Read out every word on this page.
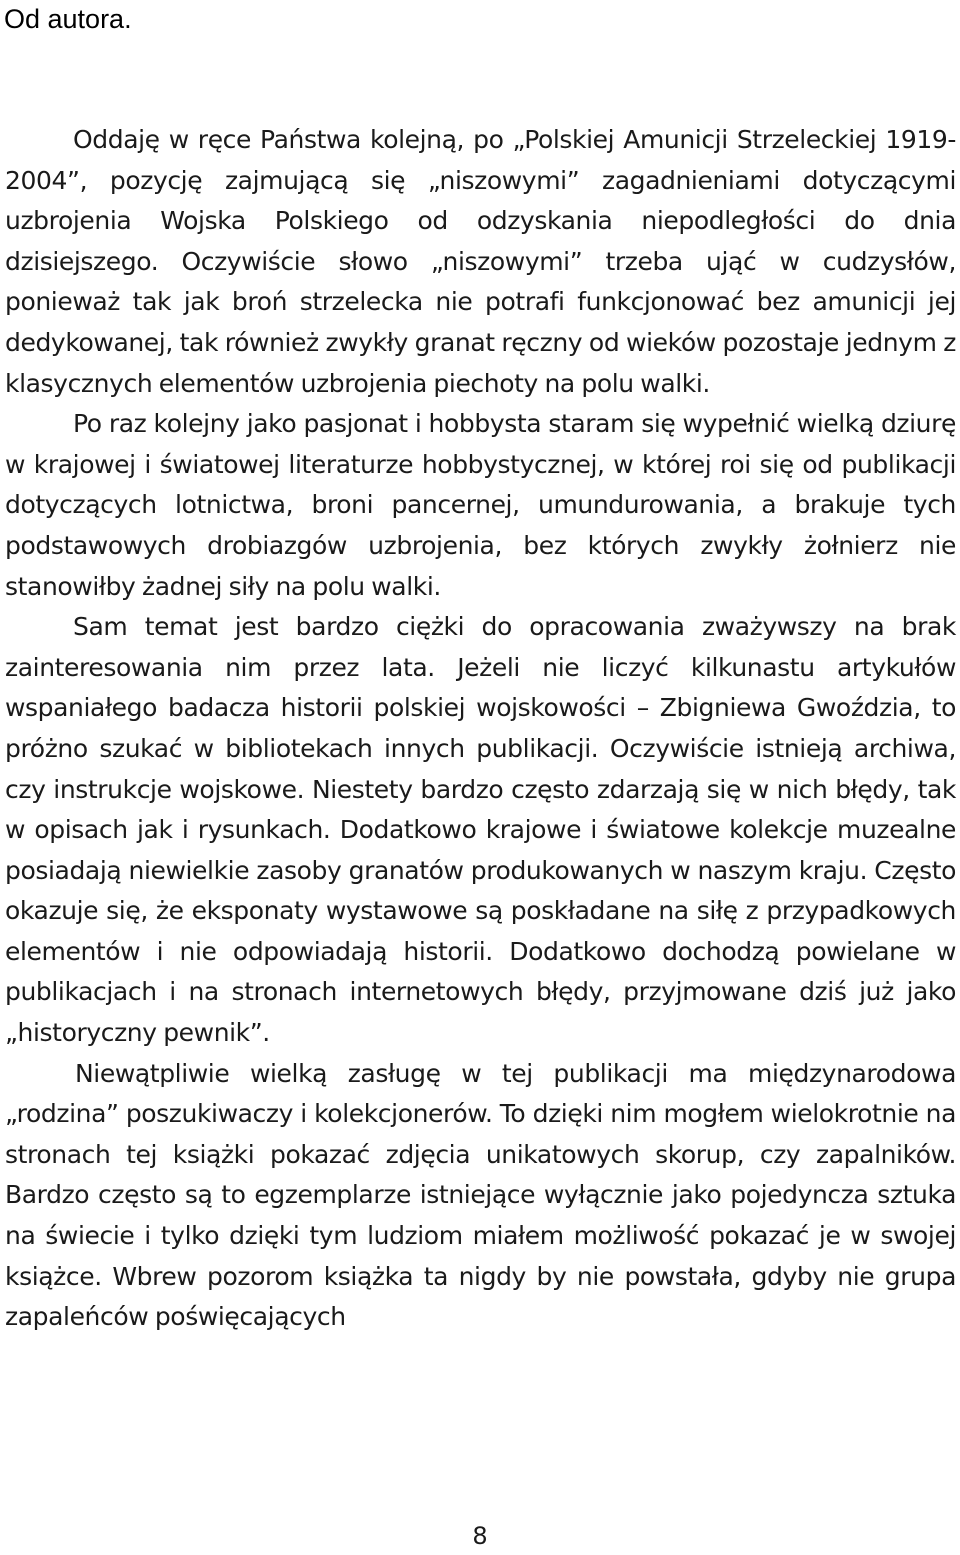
Od autora.

Oddaję w ręce Państwa kolejną, po „Polskiej Amunicji Strzeleckiej 1919-2004”, pozycję zajmującą się „niszowymi” zagadnieniami dotyczącymi uzbrojenia Wojska Polskiego od odzyskania niepodległości do dnia dzisiejszego. Oczywiście słowo „niszowymi” trzeba ująć w cudzysłów, ponieważ tak jak broń strzelecka nie potrafi funkcjonować bez amunicji jej dedykowanej, tak również zwykły granat ręczny od wieków pozostaje jednym z klasycznych elementów uzbrojenia piechoty na polu walki.

Po raz kolejny jako pasjonat i hobbysta staram się wypełnić wielką dziurę w krajowej i światowej literaturze hobbystycznej, w której roi się od publikacji dotyczących lotnictwa, broni pancernej, umundurowania, a brakuje tych podstawowych drobiazgów uzbrojenia, bez których zwykły żołnierz nie stanowiłby żadnej siły na polu walki.

Sam temat jest bardzo ciężki do opracowania zważywszy na brak zainteresowania nim przez lata. Jeżeli nie liczyć kilkunastu artykułów wspaniałego badacza historii polskiej wojskowości – Zbigniewa Gwoździa, to próżno szukać w bibliotekach innych publikacji. Oczywiście istnieją archiwa, czy instrukcje wojskowe. Niestety bardzo często zdarzają się w nich błędy, tak w opisach jak i rysunkach. Dodatkowo krajowe i światowe kolekcje muzealne posiadają niewielkie zasoby granatów produkowanych w naszym kraju. Często okazuje się, że eksponaty wystawowe są poskładane na siłę z przypadkowych elementów i nie odpowiadają historii. Dodatkowo dochodzą powielane w publikacjach i na stronach internetowych błędy, przyjmowane dziś już jako „historyczny pewnik”.

Niewątpliwie wielką zasługę w tej publikacji ma międzynarodowa „rodzina” poszukiwaczy i kolekcjonerów. To dzięki nim mogłem wielokrotnie na stronach tej książki pokazać zdjęcia unikatowych skorup, czy zapalników. Bardzo często są to egzemplarze istniejące wyłącznie jako pojedyncza sztuka na świecie i tylko dzięki tym ludziom miałem możliwość pokazać je w swojej książce. Wbrew pozorom książka ta nigdy by nie powstała, gdyby nie grupa zapaleńców poświęcających

8
